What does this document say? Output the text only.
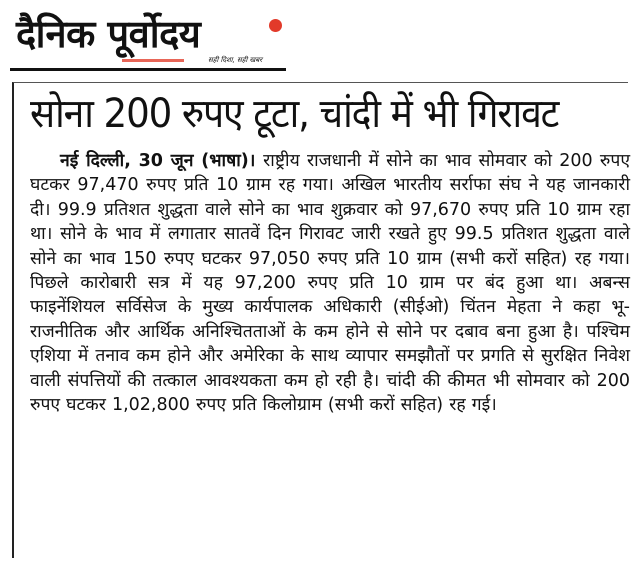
दैनिक पूर्वोदय
सही दिशा, सही खबर
सोना 200 रुपए टूटा, चांदी में भी गिरावट
नई दिल्ली, 30 जून (भाषा)। राष्ट्रीय राजधानी में सोने का भाव सोमवार को 200 रुपए घटकर 97,470 रुपए प्रति 10 ग्राम रह गया। अखिल भारतीय सर्राफा संघ ने यह जानकारी दी। 99.9 प्रतिशत शुद्धता वाले सोने का भाव शुक्रवार को 97,670 रुपए प्रति 10 ग्राम रहा था। सोने के भाव में लगातार सातवें दिन गिरावट जारी रखते हुए 99.5 प्रतिशत शुद्धता वाले सोने का भाव 150 रुपए घटकर 97,050 रुपए प्रति 10 ग्राम (सभी करों सहित) रह गया। पिछले कारोबारी सत्र में यह 97,200 रुपए प्रति 10 ग्राम पर बंद हुआ था। अबन्स फाइनेंशियल सर्विसेज के मुख्य कार्यपालक अधिकारी (सीईओ) चिंतन मेहता ने कहा भू-राजनीतिक और आर्थिक अनिश्चितताओं के कम होने से सोने पर दबाव बना हुआ है। पश्चिम एशिया में तनाव कम होने और अमेरिका के साथ व्यापार समझौतों पर प्रगति से सुरक्षित निवेश वाली संपत्तियों की तत्काल आवश्यकता कम हो रही है। चांदी की कीमत भी सोमवार को 200 रुपए घटकर 1,02,800 रुपए प्रति किलोग्राम (सभी करों सहित) रह गई।
